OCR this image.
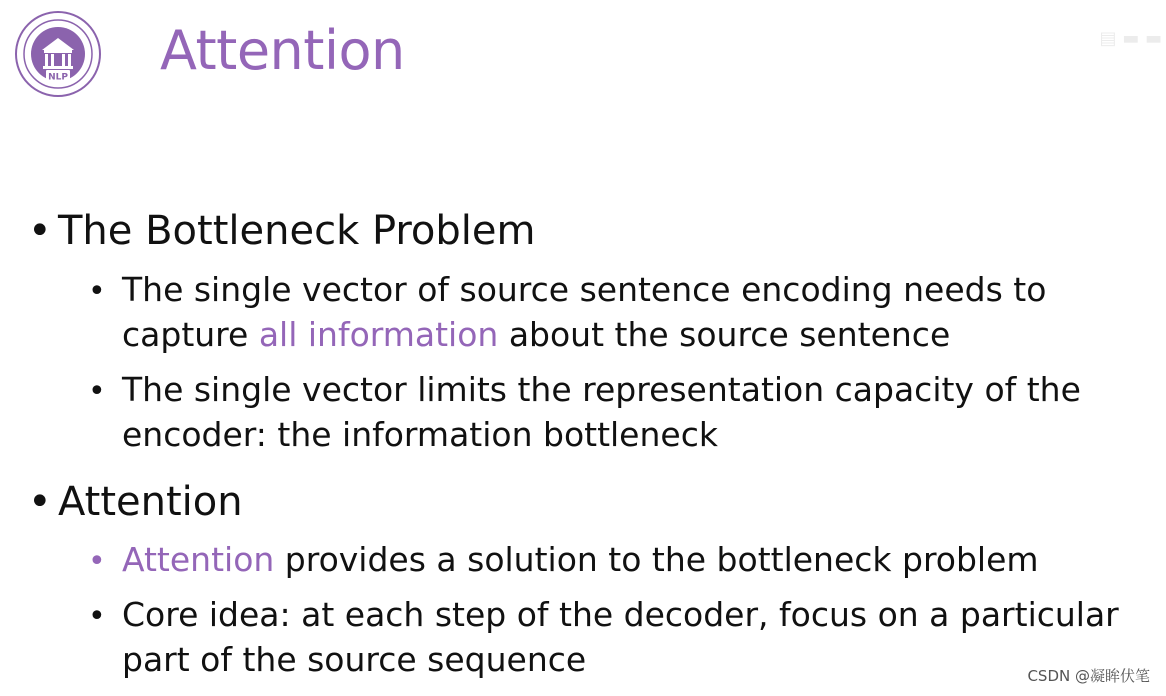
NLP Attention	▤ ▬ ▬
• The Bottleneck Problem
• The single vector of source sentence encoding needs to
capture all information about the source sentence
• The single vector limits the representation capacity of the
encoder: the information bottleneck
• Attention
• Attention provides a solution to the bottleneck problem
• Core idea: at each step of the decoder, focus on a particular
part of the source sequence	CSDN @凝眸伏笔
